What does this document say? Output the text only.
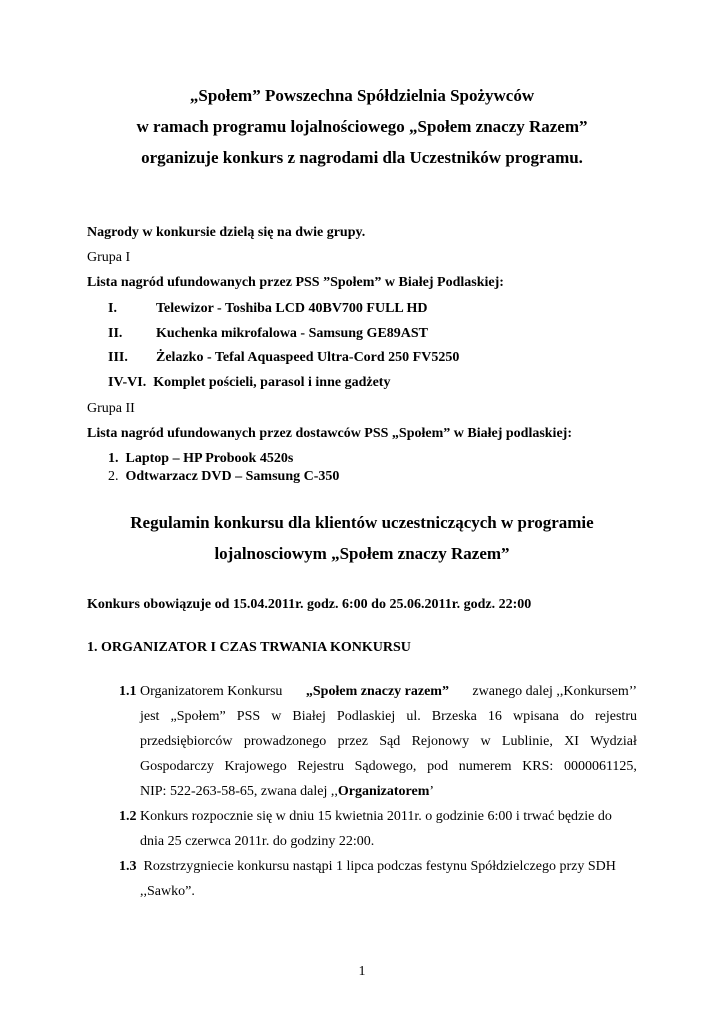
„Społem” Powszechna Spółdzielnia Spożywców
w ramach programu lojalnościowego „Społem znaczy Razem”
organizuje konkurs z nagrodami dla Uczestników programu.
Nagrody w konkursie dzielą się na dwie grupy.
Grupa I
Lista nagród ufundowanych przez PSS ”Społem” w Białej Podlaskiej:
I.	Telewizor - Toshiba LCD 40BV700 FULL HD
II. Kuchenka mikrofalowa - Samsung GE89AST
III. Żelazko - Tefal Aquaspeed Ultra-Cord 250 FV5250
IV-VI. Komplet pościeli, parasol i inne gadżety
Grupa II
Lista nagród ufundowanych przez dostawców PSS „Społem” w Białej podlaskiej:
1. Laptop – HP Probook 4520s
2. Odtwarzacz DVD – Samsung C-350
Regulamin konkursu dla klientów uczestniczących w programie
lojalnosciowym „Społem znaczy Razem”
Konkurs obowiązuje od 15.04.2011r. godz. 6:00 do 25.06.2011r. godz. 22:00
1. ORGANIZATOR I CZAS TRWANIA KONKURSU
1.1 Organizatorem Konkursu „Społem znaczy razem” zwanego dalej ,,Konkursem’’
jest „Społem” PSS w Białej Podlaskiej ul. Brzeska 16 wpisana do rejestru
przedsiębiorców prowadzonego przez Sąd Rejonowy w Lublinie, XI Wydział
Gospodarczy Krajowego Rejestru Sądowego, pod numerem KRS: 0000061125,
NIP: 522-263-58-65, zwana dalej ,,Organizatorem’
1.2 Konkurs rozpocznie się w dniu 15 kwietnia 2011r. o godzinie 6:00 i trwać będzie do
dnia 25 czerwca 2011r. do godziny 22:00.
1.3 Rozstrzygniecie konkursu nastąpi 1 lipca podczas festynu Spółdzielczego przy SDH
,,Sawko”.
1
